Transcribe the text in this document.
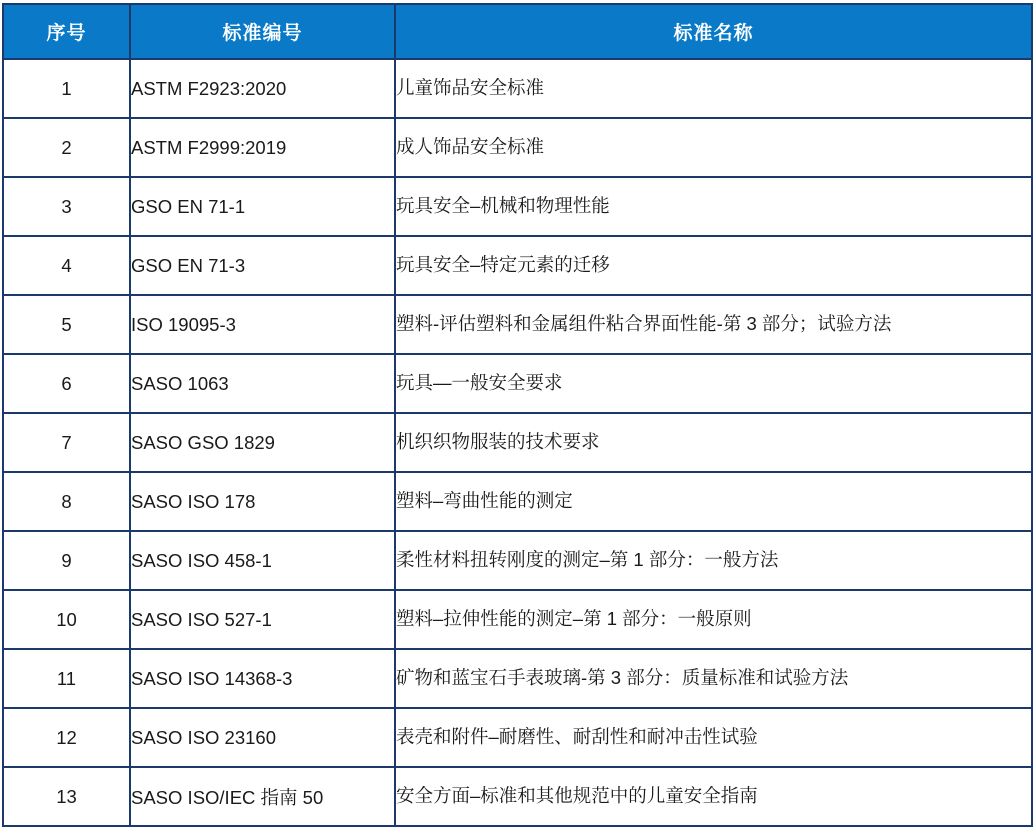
序号	标准编号	标准名称
1	ASTM F2923:2020	儿童饰品安全标准
2	ASTM F2999:2019	成人饰品安全标准
3	GSO EN 71-1	玩具安全–机械和物理性能
4	GSO EN 71-3	玩具安全–特定元素的迁移
5	ISO 19095-3	塑料-评估塑料和金属组件粘合界面性能-第 3 部分；试验方法
6	SASO 1063	玩具—一般安全要求
7	SASO GSO 1829	机织织物服装的技术要求
8	SASO ISO 178	塑料–弯曲性能的测定
9	SASO ISO 458-1	柔性材料扭转刚度的测定–第 1 部分：一般方法
10	SASO ISO 527-1	塑料–拉伸性能的测定–第 1 部分：一般原则
11	SASO ISO 14368-3	矿物和蓝宝石手表玻璃-第 3 部分：质量标准和试验方法
12	SASO ISO 23160	表壳和附件–耐磨性、耐刮性和耐冲击性试验
13	SASO ISO/IEC 指南 50	安全方面–标准和其他规范中的儿童安全指南
